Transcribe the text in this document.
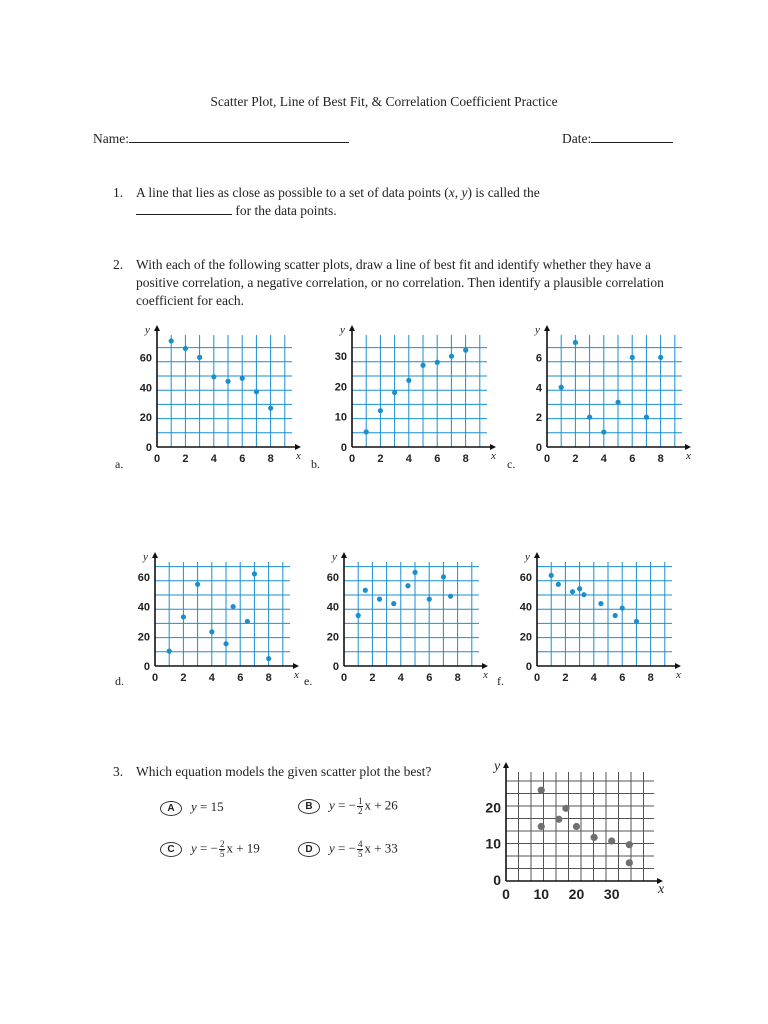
Scatter Plot, Line of Best Fit, & Correlation Coefficient Practice
Name:	Date:
1. A line that lies as close as possible to a set of data points (x, y) is called the
for the data points.
2. With each of the following scatter plots, draw a line of best fit and identify whether they have a positive correlation, a negative correlation, or no correlation. Then identify a plausible correlation coefficient for each.
a.	b.	c.
d.	e.	f.
x
y
0 2 4 6 8
0
20
40
60
x
y
0 2 4 6 8
0
10
20
30
x
y
0 2 4 6 8
0
2
4
6
x
y
0 2 4 6 8
0
20
40
60
x
y
0 2 4 6 8
0
20
40
60
x
y
0 2 4 6 8
0
20
40
60
3. Which equation models the given scatter plot the best?
A y = 15	B y = − $\frac{1}{2}$ x + 26
C y = − $\frac{2}{5}$ x + 19	D y = − $\frac{4}{5}$ x + 33
x
y
0 10 20 30
0
10
20
